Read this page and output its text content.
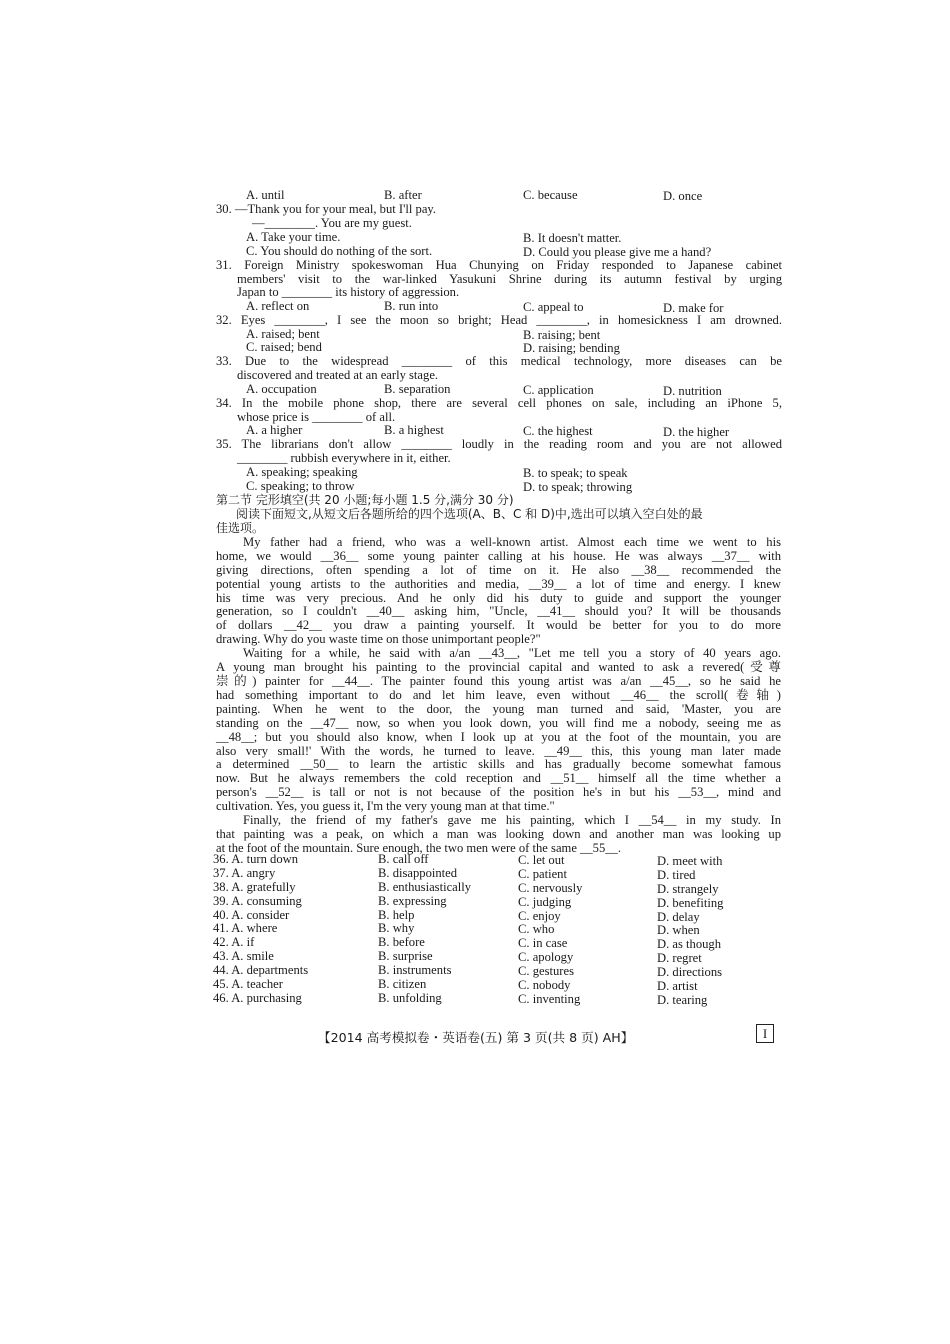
A. until	B. after	C. because	D. once
30. —Thank you for your meal, but I'll pay.
—________. You are my guest.
A. Take your time.	B. It doesn't matter.
C. You should do nothing of the sort.	D. Could you please give me a hand?
31. Foreign Ministry spokeswoman Hua Chunying on Friday responded to Japanese cabinet
members' visit to the war-linked Yasukuni Shrine during its autumn festival by urging
Japan to ________ its history of aggression.
A. reflect on	B. run into	C. appeal to	D. make for
32. Eyes ________, I see the moon so bright; Head ________, in homesickness I am drowned.
A. raised; bent	B. raising; bent
C. raised; bend	D. raising; bending
33. Due to the widespread ________ of this medical technology, more diseases can be
discovered and treated at an early stage.
A. occupation	B. separation	C. application	D. nutrition
34. In the mobile phone shop, there are several cell phones on sale, including an iPhone 5,
whose price is ________ of all.
A. a higher	B. a highest	C. the highest	D. the higher
35. The librarians don't allow ________ loudly in the reading room and you are not allowed
________ rubbish everywhere in it, either.
A. speaking; speaking	B. to speak; to speak
C. speaking; to throw	D. to speak; throwing
第二节 完形填空(共 20 小题;每小题 1.5 分,满分 30 分)
阅读下面短文,从短文后各题所给的四个选项(A、B、C 和 D)中,选出可以填入空白处的最
佳选项。
My father had a friend, who was a well-known artist. Almost each time we went to his
home, we would __36__ some young painter calling at his house. He was always __37__ with
giving directions, often spending a lot of time on it. He also __38__ recommended the
potential young artists to the authorities and media, __39__ a lot of time and energy. I knew
his time was very precious. And he only did his duty to guide and support the younger
generation, so I couldn't __40__ asking him, "Uncle, __41__ should you? It will be thousands
of dollars __42__ you draw a painting yourself. It would be better for you to do more
drawing. Why do you waste time on those unimportant people?"
Waiting for a while, he said with a/an __43__, "Let me tell you a story of 40 years ago.
A young man brought his painting to the provincial capital and wanted to ask a revered(受尊
崇的) painter for __44__. The painter found this young artist was a/an __45__, so he said he
had something important to do and let him leave, even without __46__ the scroll(卷轴)
painting. When he went to the door, the young man turned and said, 'Master, you are
standing on the __47__ now, so when you look down, you will find me a nobody, seeing me as
__48__; but you should also know, when I look up at you at the foot of the mountain, you are
also very small!' With the words, he turned to leave. __49__ this, this young man later made
a determined __50__ to learn the artistic skills and has gradually become somewhat famous
now. But he always remembers the cold reception and __51__ himself all the time whether a
person's __52__ is tall or not is not because of the position he's in but his __53__, mind and
cultivation. Yes, you guess it, I'm the very young man at that time."
Finally, the friend of my father's gave me his painting, which I __54__ in my study. In
that painting was a peak, on which a man was looking down and another man was looking up
at the foot of the mountain. Sure enough, the two men were of the same __55__.
36. A. turn down	B. call off	C. let out	D. meet with
37. A. angry	B. disappointed	C. patient	D. tired
38. A. gratefully	B. enthusiastically	C. nervously	D. strangely
39. A. consuming	B. expressing	C. judging	D. benefiting
40. A. consider	B. help	C. enjoy	D. delay
41. A. where	B. why	C. who	D. when
42. A. if	B. before	C. in case	D. as though
43. A. smile	B. surprise	C. apology	D. regret
44. A. departments	B. instruments	C. gestures	D. directions
45. A. teacher	B. citizen	C. nobody	D. artist
46. A. purchasing	B. unfolding	C. inventing	D. tearing
【2014 高考模拟卷・英语卷(五) 第 3 页(共 8 页) AH】	I
